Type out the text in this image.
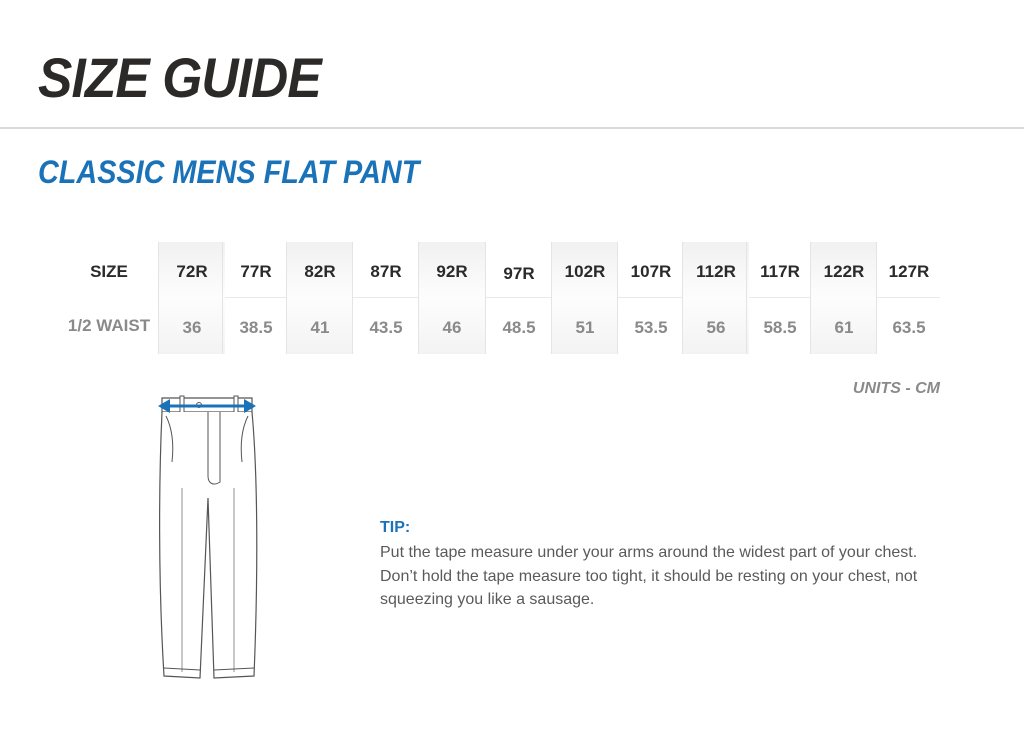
SIZE GUIDE
CLASSIC MENS FLAT PANT
SIZE
1/2 WAIST
72R
36
77R
38.5
82R
41
87R
43.5
92R
46
97R
48.5
102R
51
107R
53.5
112R
56
117R
58.5
122R
61
127R
63.5
UNITS - CM
TIP:

Put the tape measure under your arms around the widest part of your chest.
Don’t hold the tape measure too tight, it should be resting on your chest, not
squeezing you like a sausage.
